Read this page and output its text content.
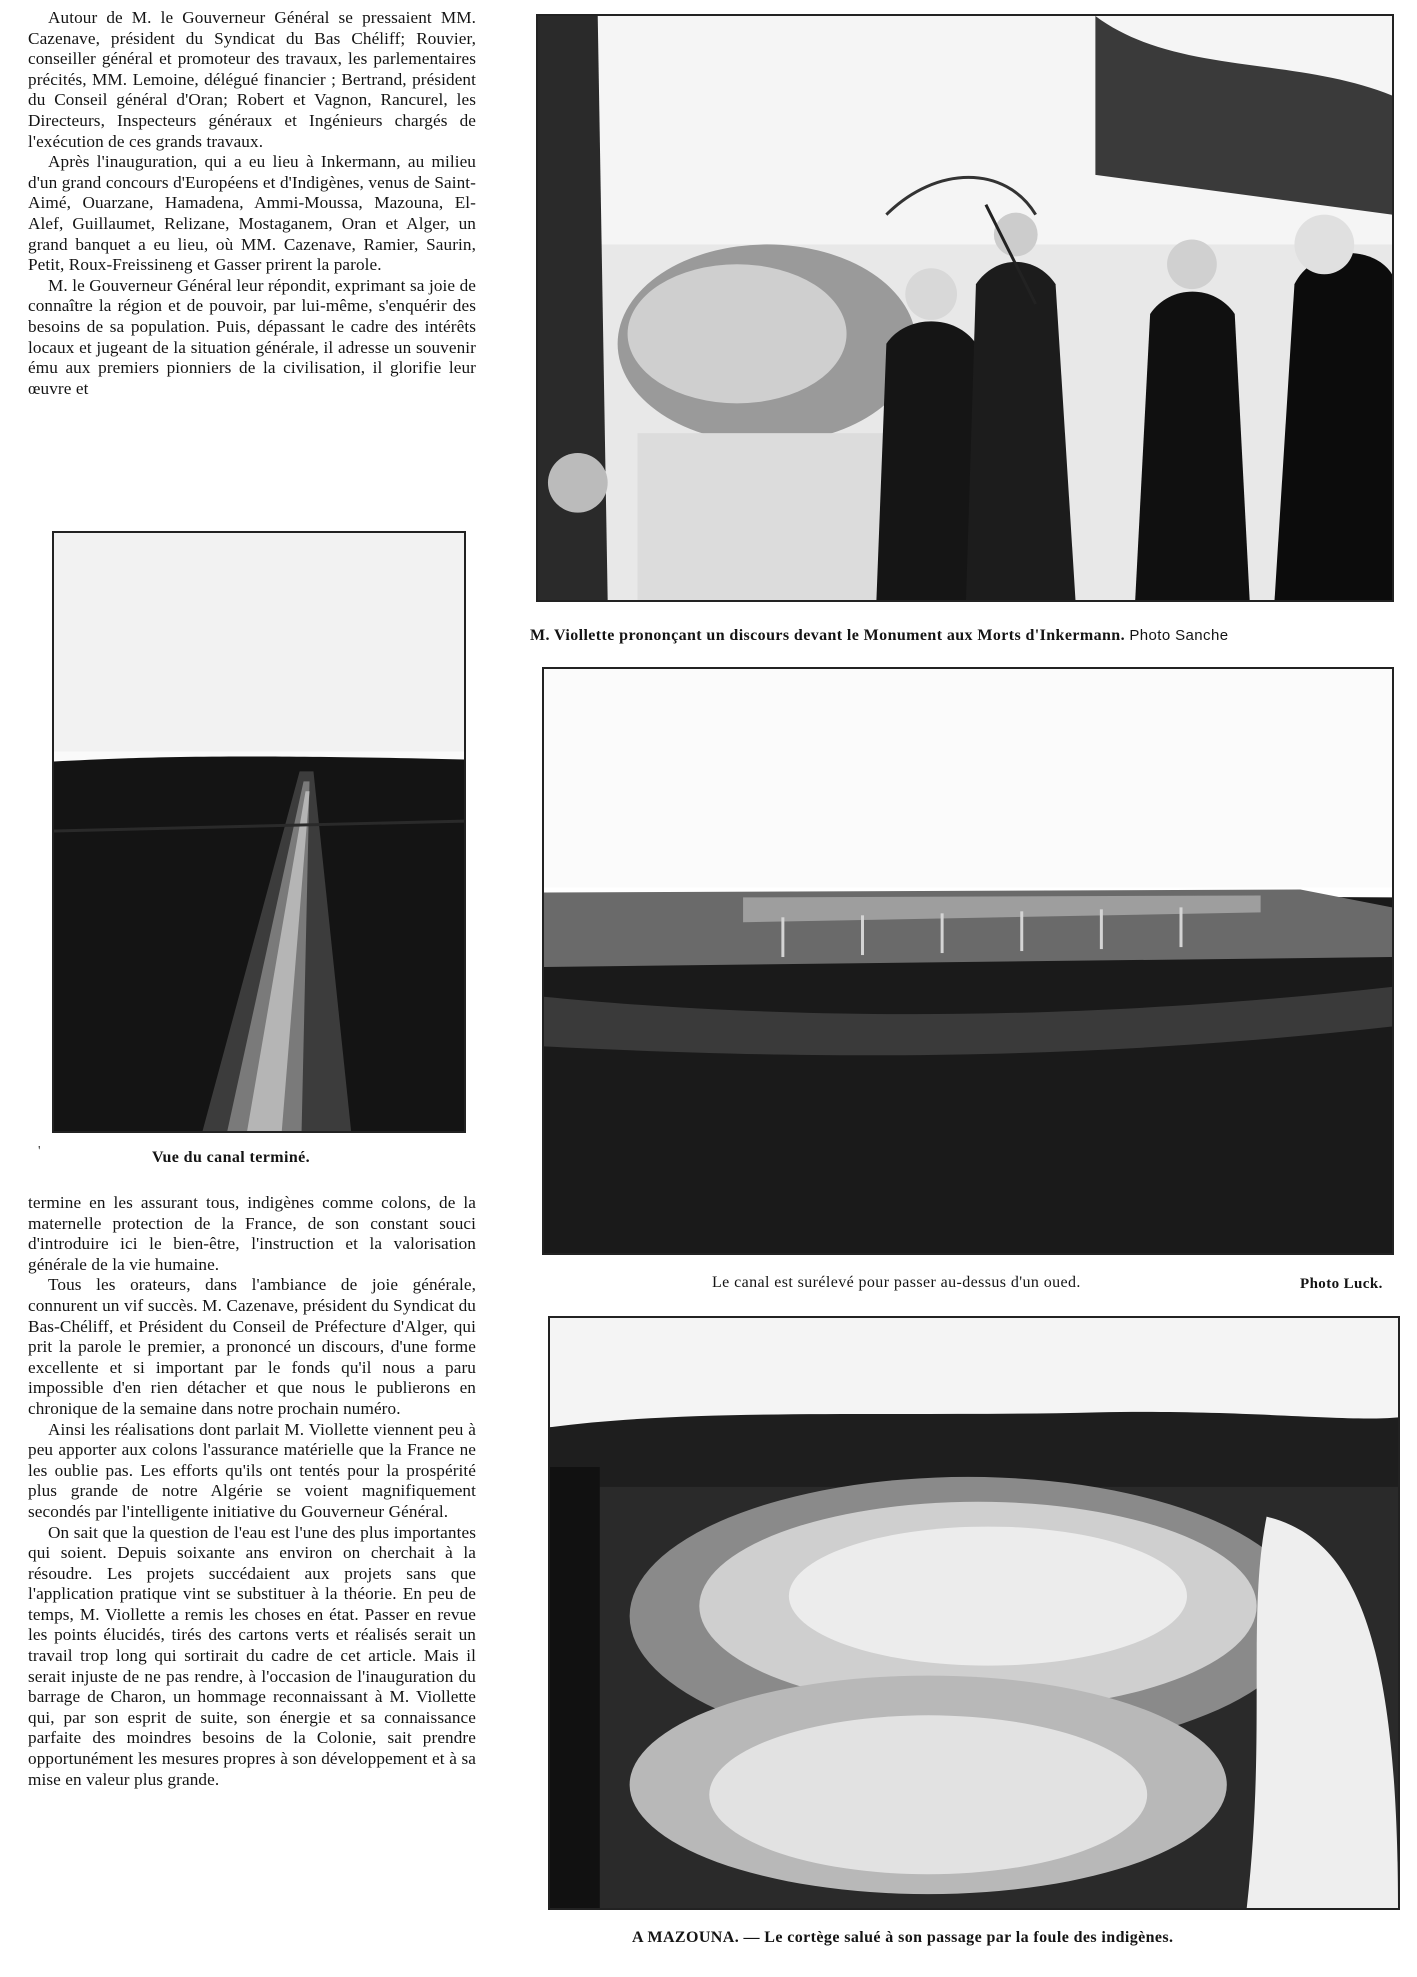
Autour de M. le Gouverneur Général se pressaient MM. Cazenave, président du Syndicat du Bas Chéliff; Rouvier, conseiller général et promoteur des travaux, les parlementaires précités, MM. Lemoine, délégué financier ; Bertrand, président du Conseil général d'Oran; Robert et Vagnon, Rancurel, les Directeurs, Inspecteurs généraux et Ingénieurs chargés de l'exécution de ces grands travaux.

Après l'inauguration, qui a eu lieu à Inkermann, au milieu d'un grand concours d'Européens et d'Indigènes, venus de Saint-Aimé, Ouarzane, Hamadena, Ammi-Moussa, Mazouna, El-Alef, Guillaumet, Relizane, Mostaganem, Oran et Alger, un grand banquet a eu lieu, où MM. Cazenave, Ramier, Saurin, Petit, Roux-Freissineng et Gasser prirent la parole.

M. le Gouverneur Général leur répondit, exprimant sa joie de connaître la région et de pouvoir, par lui-même, s'enquérir des besoins de sa population. Puis, dépassant le cadre des intérêts locaux et jugeant de la situation générale, il adresse un souvenir ému aux premiers pionniers de la civilisation, il glorifie leur œuvre et

Vue du canal terminé.
'

termine en les assurant tous, indigènes comme colons, de la maternelle protection de la France, de son constant souci d'introduire ici le bien-être, l'instruction et la valorisation générale de la vie humaine.

Tous les orateurs, dans l'ambiance de joie générale, connurent un vif succès. M. Cazenave, président du Syndicat du Bas-Chéliff, et Président du Conseil de Préfecture d'Alger, qui prit la parole le premier, a prononcé un discours, d'une forme excellente et si important par le fonds qu'il nous a paru impossible d'en rien détacher et que nous le publierons en chronique de la semaine dans notre prochain numéro.

Ainsi les réalisations dont parlait M. Viollette viennent peu à peu apporter aux colons l'assurance matérielle que la France ne les oublie pas. Les efforts qu'ils ont tentés pour la prospérité plus grande de notre Algérie se voient magnifiquement secondés par l'intelligente initiative du Gouverneur Général.

On sait que la question de l'eau est l'une des plus importantes qui soient. Depuis soixante ans environ on cherchait à la résoudre. Les projets succédaient aux projets sans que l'application pratique vint se substituer à la théorie. En peu de temps, M. Viollette a remis les choses en état. Passer en revue les points élucidés, tirés des cartons verts et réalisés serait un travail trop long qui sortirait du cadre de cet article. Mais il serait injuste de ne pas rendre, à l'occasion de l'inauguration du barrage de Charon, un hommage reconnaissant à M. Viollette qui, par son esprit de suite, son énergie et sa connaissance parfaite des moindres besoins de la Colonie, sait prendre opportunément les mesures propres à son développement et à sa mise en valeur plus grande.

M. Viollette prononçant un discours devant le Monument aux Morts d'Inkermann. Photo Sanche
Le canal est surélevé pour passer au-dessus d'un oued.	Photo Luck.
A MAZOUNA. — Le cortège salué à son passage par la foule des indigènes.
